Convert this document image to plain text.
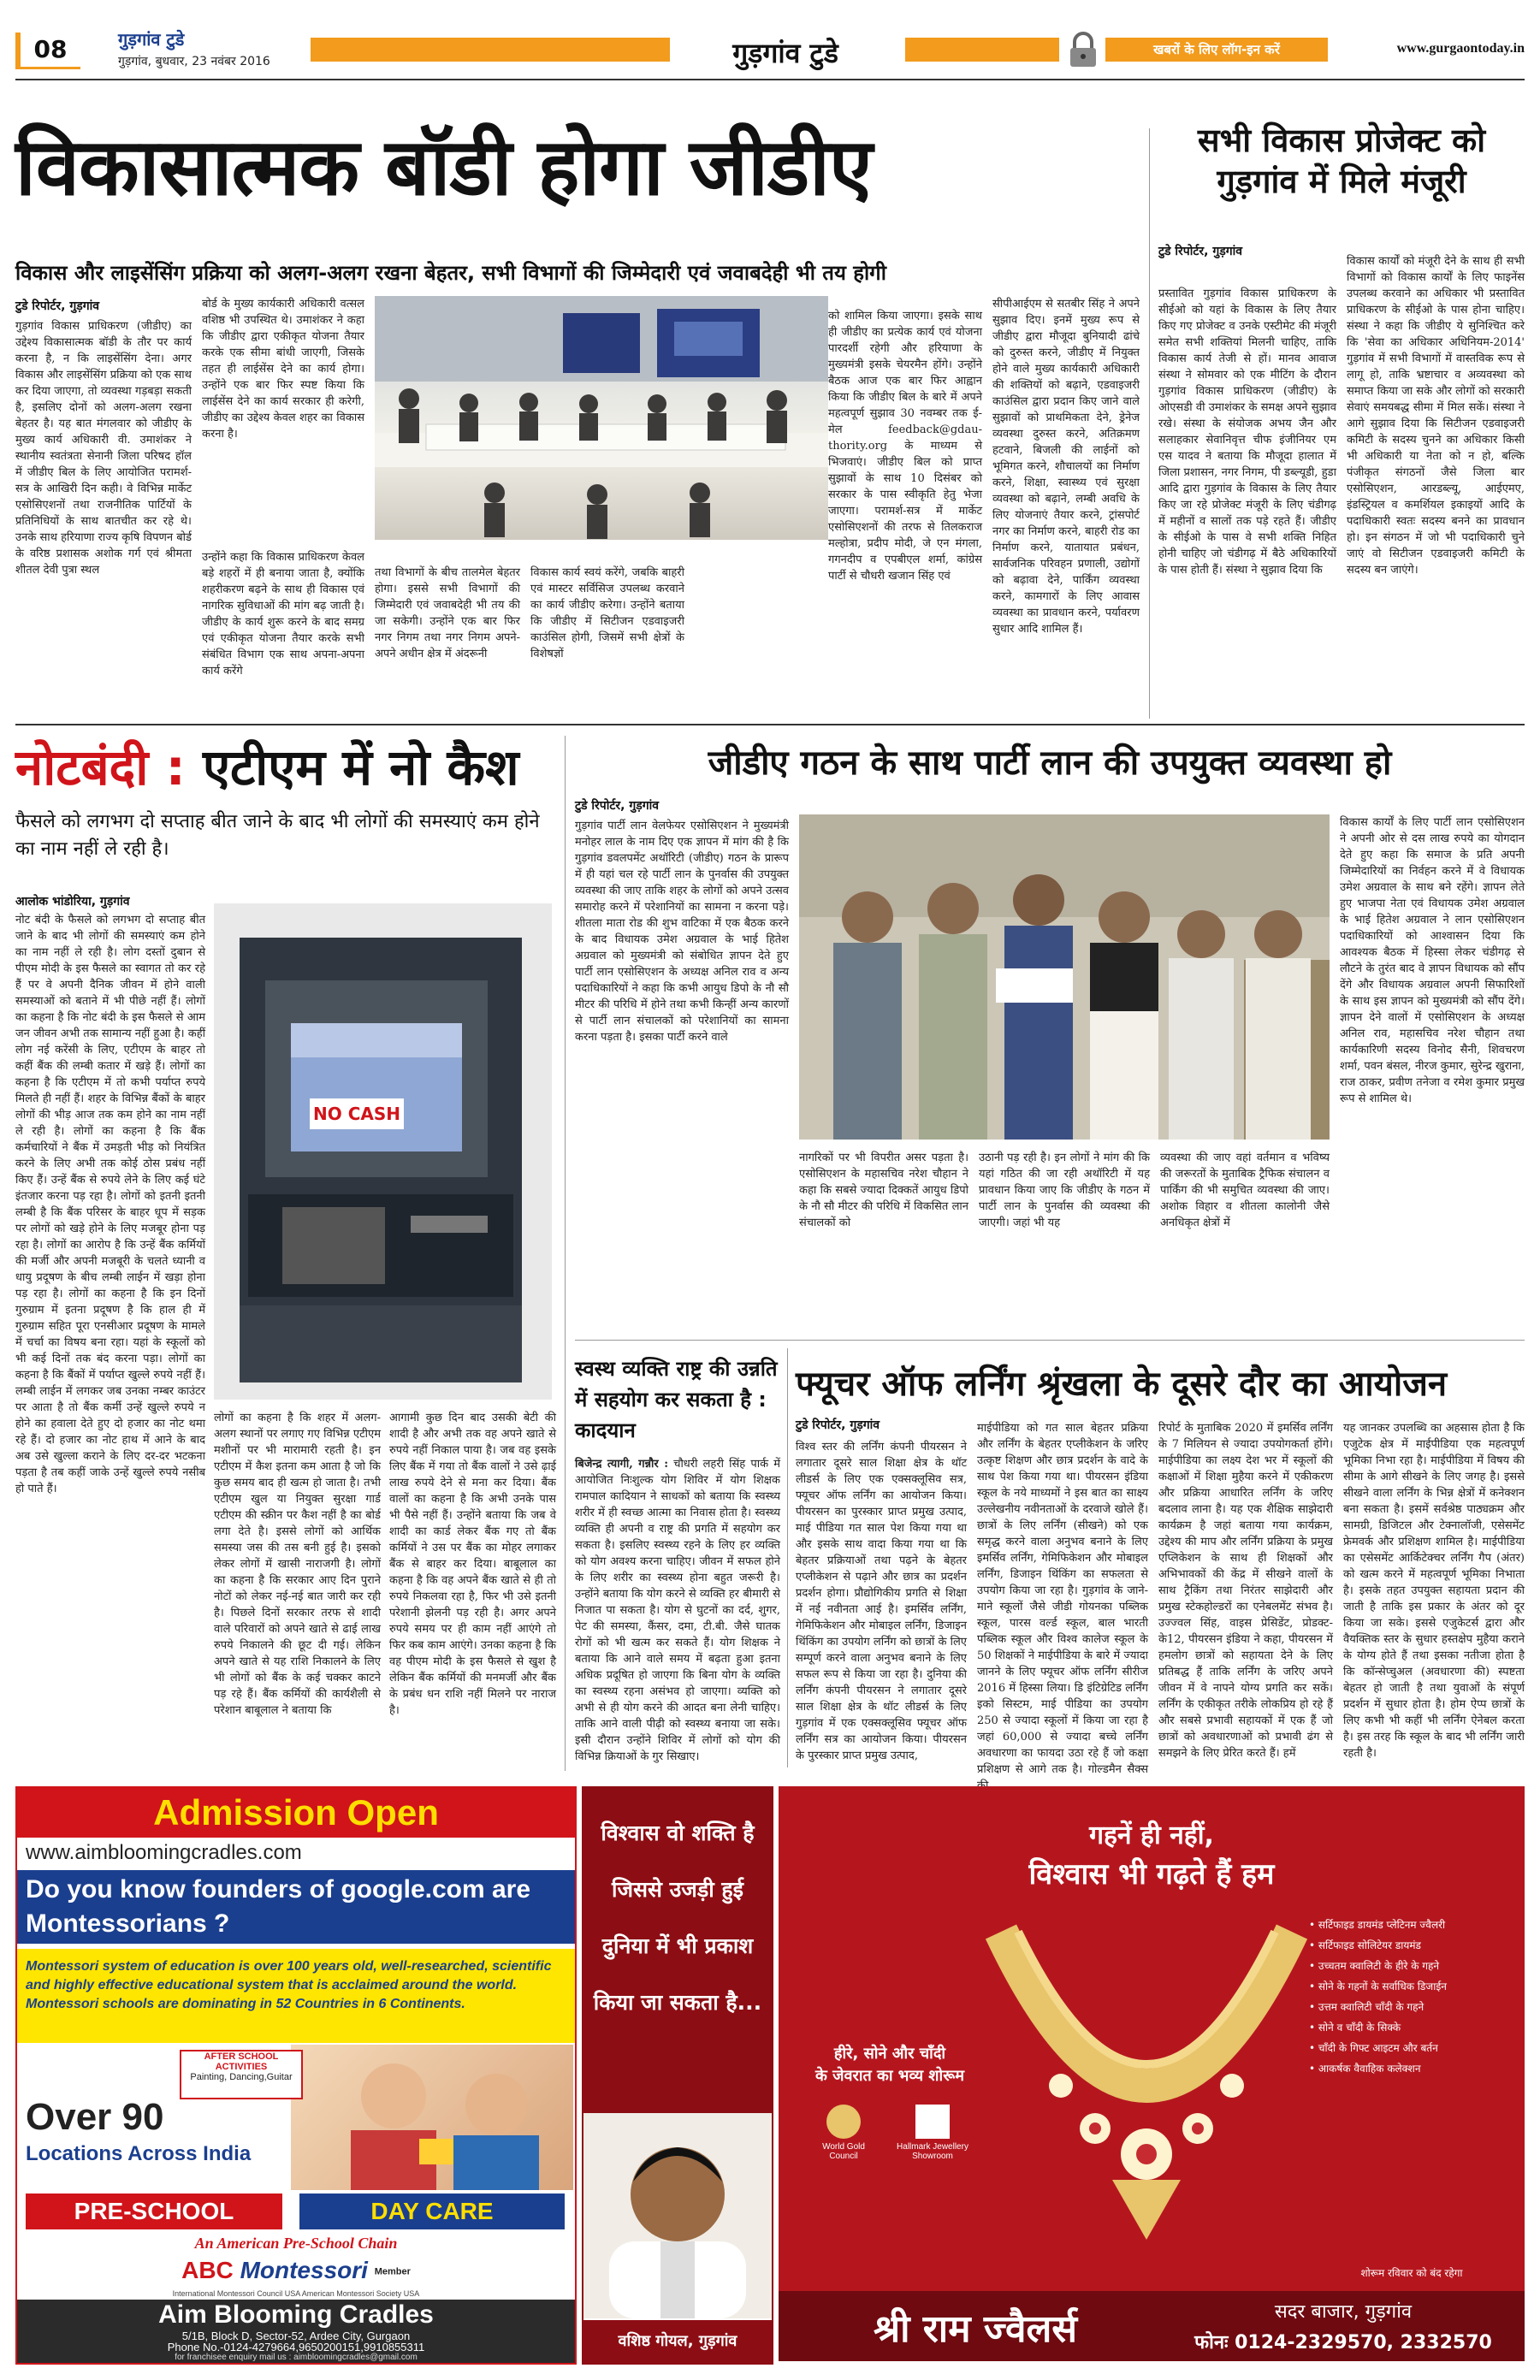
08	गुड़गांव टुडे
गुड़गांव, बुधवार, 23 नवंबर 2016	गुड़गांव टुडे	खबरों के लिए लॉग-इन करें	www.gurgaontoday.in
विकासात्मक बॉडी होगा जीडीए
विकास और लाइसेंसिंग प्रक्रिया को अलग-अलग रखना बेहतर, सभी विभागों की जिम्मेदारी एवं जवाबदेही भी तय होगी
टुडे रिपोर्टर, गुड़गांव
गुड़गांव विकास प्राधिकरण (जीडीए) का उद्देश्य विकासात्मक बॉडी के तौर पर कार्य करना है, न कि लाइसेंसिंग देना। अगर विकास और लाइसेंसिंग प्रक्रिया को एक साथ कर दिया जाएगा, तो व्यवस्था गड़बड़ा सकती है, इसलिए दोनों को अलग-अलग रखना बेहतर है। यह बात मंगलवार को जीडीए के मुख्य कार्य अधिकारी वी. उमाशंकर ने स्थानीय स्वतंत्रता सेनानी जिला परिषद हॉल में जीडीए बिल के लिए आयोजित परामर्श-सत्र के आखिरी दिन कही। वे विभिन्न मार्केट एसोसिएशनों तथा राजनीतिक पार्टियों के प्रतिनिधियों के साथ बातचीत कर रहे थे। उनके साथ हरियाणा राज्य कृषि विपणन बोर्ड के वरिष्ठ प्रशासक अशोक गर्ग एवं श्रीमता शीतल देवी पुत्रा स्थल
बोर्ड के मुख्य कार्यकारी अधिकारी वत्सल वशिष्ठ भी उपस्थित थे। उमाशंकर ने कहा कि जीडीए द्वारा एकीकृत योजना तैयार करके एक सीमा बांधी जाएगी, जिसके तहत ही लाईसेंस देने का कार्य होगा। उन्होंने एक बार फिर स्पष्ट किया कि लाईसेंस देने का कार्य सरकार ही करेगी, जीडीए का उद्देश्य केवल शहर का विकास करना है।
उन्होंने कहा कि विकास प्राधिकरण केवल बड़े शहरों में ही बनाया जाता है, क्योंकि शहरीकरण बढ़ने के साथ ही विकास एवं नागरिक सुविधाओं की मांग बढ़ जाती है। जीडीए के कार्य शुरू करने के बाद समग्र एवं एकीकृत योजना तैयार करके सभी संबंधित विभाग एक साथ अपना-अपना कार्य करेंगे
तथा विभागों के बीच तालमेल बेहतर होगा। इससे सभी विभागों की जिम्मेदारी एवं जवाबदेही भी तय की जा सकेगी। उन्होंने एक बार फिर नगर निगम तथा नगर निगम अपने-अपने अधीन क्षेत्र में अंदरूनी
विकास कार्य स्वयं करेंगे, जबकि बाहरी एवं मास्टर सर्विसिज उपलब्ध करवाने का कार्य जीडीए करेगा। उन्होंने बताया कि जीडीए में सिटीजन एडवाइजरी काउंसिल होगी, जिसमें सभी क्षेत्रों के विशेषज्ञों
को शामिल किया जाएगा। इसके साथ ही जीडीए का प्रत्येक कार्य एवं योजना पारदर्शी रहेगी और हरियाणा के मुख्यमंत्री इसके चेयरमैन होंगे। उन्होंने बैठक आज एक बार फिर आह्वान किया कि जीडीए बिल के बारे में अपने महत्वपूर्ण सुझाव 30 नवम्बर तक ई-मेल feedback@gdau-thority.org के माध्यम से भिजवाएं। जीडीए बिल को प्राप्त सुझावों के साथ 10 दिसंबर को सरकार के पास स्वीकृति हेतु भेजा जाएगा। परामर्श-सत्र में मार्केट एसोसिएशनों की तरफ से तिलकराज मल्होत्रा, प्रदीप मोदी, जे एन मंगला, गगनदीप व एपबीएल शर्मा, कांग्रेस पार्टी से चौधरी खजान सिंह एवं
सीपीआईएम से सतबीर सिंह ने अपने सुझाव दिए। इनमें मुख्य रूप से जीडीए द्वारा मौजूदा बुनियादी ढांचे को दुरुस्त करने, जीडीए में नियुक्त होने वाले मुख्य कार्यकारी अधिकारी की शक्तियों को बढ़ाने, एडवाइजरी काउंसिल द्वारा प्रदान किए जाने वाले सुझावों को प्राथमिकता देने, ड्रेनेज व्यवस्था दुरुस्त करने, अतिक्रमण हटवाने, बिजली की लाईनों को भूमिगत करने, शौचालयों का निर्माण करने, शिक्षा, स्वास्थ्य एवं सुरक्षा व्यवस्था को बढ़ाने, लम्बी अवधि के लिए योजनाएं तैयार करने, ट्रांसपोर्ट नगर का निर्माण करने, बाहरी रोड का निर्माण करने, यातायात प्रबंधन, सार्वजनिक परिवहन प्रणाली, उद्योगों को बढ़ावा देने, पार्किंग व्यवस्था करने, कामगारों के लिए आवास व्यवस्था का प्रावधान करने, पर्यावरण सुधार आदि शामिल हैं।
सभी विकास प्रोजेक्ट को गुड़गांव में मिले मंजूरी
टुडे रिपोर्टर, गुड़गांव
प्रस्तावित गुड़गांव विकास प्राधिकरण के सीईओ को यहां के विकास के लिए तैयार किए गए प्रोजेक्ट व उनके एस्टीमेट की मंजूरी समेत सभी शक्तियां मिलनी चाहिए, ताकि विकास कार्य तेजी से हों। मानव आवाज संस्था ने सोमवार को एक मीटिंग के दौरान गुड़गांव विकास प्राधिकरण (जीडीए) के ओएसडी वी उमाशंकर के समक्ष अपने सुझाव रखे। संस्था के संयोजक अभय जैन और सलाहकार सेवानिवृत्त चीफ इंजीनियर एम एस यादव ने बताया कि मौजूदा हालात में जिला प्रशासन, नगर निगम, पी डब्ल्यूडी, हुडा आदि द्वारा गुड़गांव के विकास के लिए तैयार किए जा रहे प्रोजेक्ट मंजूरी के लिए चंडीगढ़ में महीनों व सालों तक पड़े रहते हैं। जीडीए के सीईओ के पास वे सभी शक्ति निहित होनी चाहिए जो चंडीगढ़ में बैठे अधिकारियों के पास होती हैं। संस्था ने सुझाव दिया कि
विकास कार्यों को मंजूरी देने के साथ ही सभी विभागों को विकास कार्यों के लिए फाइनेंस उपलब्ध करवाने का अधिकार भी प्रस्तावित प्राधिकरण के सीईओ के पास होना चाहिए। संस्था ने कहा कि जीडीए ये सुनिश्चित करे कि 'सेवा का अधिकार अधिनियम-2014' गुड़गांव में सभी विभागों में वास्तविक रूप से लागू हो, ताकि भ्रष्टाचार व अव्यवस्था को समाप्त किया जा सके और लोगों को सरकारी सेवाएं समयबद्ध सीमा में मिल सकें। संस्था ने आगे सुझाव दिया कि सिटीजन एडवाइजरी कमिटी के सदस्य चुनने का अधिकार किसी भी अधिकारी या नेता को न हो, बल्कि पंजीकृत संगठनों जैसे जिला बार एसोसिएशन, आरडब्ल्यू, आईएमए, इंडस्ट्रियल व कमर्शियल इकाइयों आदि के पदाधिकारी स्वतः सदस्य बनने का प्रावधान हो। इन संगठन में जो भी पदाधिकारी चुने जाएं वो सिटीजन एडवाइजरी कमिटी के सदस्य बन जाएंगे।
नोटबंदी : एटीएम में नो कैश
फैसले को लगभग दो सप्ताह बीत जाने के बाद भी लोगों की समस्याएं कम होने का नाम नहीं ले रही है।
आलोक भांडोरिया, गुड़गांव
NO CASH
नोट बंदी के फैसले को लगभग दो सप्ताह बीत जाने के बाद भी लोगों की समस्याएं कम होने का नाम नहीं ले रही है। लोग दस्तों दुबान से पीएम मोदी के इस फैसले का स्वागत तो कर रहे हैं पर वे अपनी दैनिक जीवन में होने वाली समस्याओं को बताने में भी पीछे नहीं हैं। लोगों का कहना है कि नोट बंदी के इस फैसले से आम जन जीवन अभी तक सामान्य नहीं हुआ है। कहीं लोग नई करेंसी के लिए, एटीएम के बाहर तो कहीं बैंक की लम्बी कतार में खड़े हैं। लोगों का कहना है कि एटीएम में तो कभी पर्याप्त रुपये मिलते ही नहीं हैं। शहर के विभिन्न बैंकों के बाहर लोगों की भीड़ आज तक कम होने का नाम नहीं ले रही है। लोगों का कहना है कि बैंक कर्मचारियों ने बैंक में उमड़ती भीड़ को नियंत्रित करने के लिए अभी तक कोई ठोस प्रबंध नहीं किए हैं। उन्हें बैंक से रुपये लेने के लिए कई घंटे इंतजार करना पड़ रहा है। लोगों को इतनी इतनी लम्बी है कि बैंक परिसर के बाहर धूप में सड़क पर लोगों को खड़े होने के लिए मजबूर होना पड़ रहा है। लोगों का आरोप है कि उन्हें बैंक कर्मियों की मर्जी और अपनी मजबूरी के चलते ध्यानी व धायु प्रदूषण के बीच लम्बी लाईन में खड़ा होना पड़ रहा है। लोगों का कहना है कि इन दिनों गुरुग्राम में इतना प्रदूषण है कि हाल ही में गुरुग्राम सहित पूरा एनसीआर प्रदूषण के मामले में चर्चा का विषय बना रहा। यहां के स्कूलों को भी कई दिनों तक बंद करना पड़ा। लोगों का कहना है कि बैंकों में पर्याप्त खुल्ले रुपये नहीं हैं। लम्बी लाईन में लगकर जब उनका नम्बर काउंटर पर आता है तो बैंक कर्मी उन्हें खुल्ले रुपये न होने का हवाला देते हुए दो हजार का नोट थमा रहे हैं। दो हजार का नोट हाथ में आने के बाद अब उसे खुल्ला कराने के लिए दर-दर भटकना पड़ता है तब कहीं जाके उन्हें खुल्ले रुपये नसीब हो पाते हैं।
लोगों का कहना है कि शहर में अलग-अलग स्थानों पर लगाए गए विभिन्न एटीएम मशीनों पर भी मारामारी रहती है। इन एटीएम में कैश इतना कम आता है जो कि कुछ समय बाद ही खत्म हो जाता है। तभी एटीएम खुल या नियुक्त सुरक्षा गार्ड एटीएम की स्क्रीन पर कैश नहीं है का बोर्ड लगा देते है। इससे लोगों को आर्थिक समस्या जस की तस बनी हुई है। इसको लेकर लोगों में खासी नाराजगी है। लोगों का कहना है कि सरकार आए दिन पुराने नोटों को लेकर नई-नई बात जारी कर रही है। पिछले दिनों सरकार तरफ से शादी वाले परिवारों को अपने खाते से ढाई लाख रुपये निकालने की छूट दी गई। लेकिन अपने खाते से यह राशि निकालने के लिए भी लोगों को बैंक के कई चक्कर काटने पड़ रहे हैं। बैंक कर्मियों की कार्यशैली से परेशान बाबूलाल ने बताया कि
आगामी कुछ दिन बाद उसकी बेटी की शादी है और अभी तक वह अपने खाते से रुपये नहीं निकाल पाया है। जब वह इसके लिए बैंक में गया तो बैंक वालों ने उसे ढ़ाई लाख रुपये देने से मना कर दिया। बैंक वालों का कहना है कि अभी उनके पास भी पैसे नहीं हैं। उन्होंने बताया कि जब वे शादी का कार्ड लेकर बैंक गए तो बैंक कर्मियों ने उस पर बैंक का मोहर लगाकर बैंक से बाहर कर दिया। बाबूलाल का कहना है कि वह अपने बैंक खाते से ही तो रुपये निकलवा रहा है, फिर भी उसे इतनी परेशानी झेलनी पड़ रही है। अगर अपने रुपये समय पर ही काम नहीं आएंगे तो फिर कब काम आएंगे। उनका कहना है कि वह पीएम मोदी के इस फैसले से खुश है लेकिन बैंक कर्मियों की मनमर्जी और बैंक के प्रबंध धन राशि नहीं मिलने पर नाराज है।
जीडीए गठन के साथ पार्टी लान की उपयुक्त व्यवस्था हो
टुडे रिपोर्टर, गुड़गांव
गुड़गांव पार्टी लान वेलफेयर एसोसिएशन ने मुख्यमंत्री मनोहर लाल के नाम दिए एक ज्ञापन में मांग की है कि गुड़गांव डवलपमेंट अथॉरिटी (जीडीए) गठन के प्रारूप में ही यहां चल रहे पार्टी लान के पुनर्वास की उपयुक्त व्यवस्था की जाए ताकि शहर के लोगों को अपने उत्सव समारोह करने में परेशानियों का सामना न करना पड़े। शीतला माता रोड की शुभ वाटिका में एक बैठक करने के बाद विधायक उमेश अग्रवाल के भाई हितेश अग्रवाल को मुख्यमंत्री को संबोधित ज्ञापन देते हुए पार्टी लान एसोसिएशन के अध्यक्ष अनिल राव व अन्य पदाधिकारियों ने कहा कि कभी आयुध डिपो के नौ सौ मीटर की परिधि में होने तथा कभी किन्हीं अन्य कारणों से पार्टी लान संचालकों को परेशानियों का सामना करना पड़ता है। इसका पार्टी करने वाले
नागरिकों पर भी विपरीत असर पड़ता है। एसोसिएशन के महासचिव नरेश चौहान ने कहा कि सबसे ज्यादा दिक्कतें आयुध डिपो के नौ सौ मीटर की परिधि में विकसित लान संचालकों को
उठानी पड़ रही है। इन लोगों ने मांग की कि यहां गठित की जा रही अथॉरिटी में यह प्रावधान किया जाए कि जीडीए के गठन में पार्टी लान के पुनर्वास की व्यवस्था की जाएगी। जहां भी यह
व्यवस्था की जाए वहां वर्तमान व भविष्य की जरूरतों के मुताबिक ट्रैफिक संचालन व पार्किंग की भी समुचित व्यवस्था की जाए। अशोक विहार व शीतला कालोनी जैसे अनधिकृत क्षेत्रों में
विकास कार्यों के लिए पार्टी लान एसोसिएशन ने अपनी ओर से दस लाख रुपये का योगदान देते हुए कहा कि समाज के प्रति अपनी जिम्मेदारियों का निर्वहन करने में वे विधायक उमेश अग्रवाल के साथ बने रहेंगे। ज्ञापन लेते हुए भाजपा नेता एवं विधायक उमेश अग्रवाल के भाई हितेश अग्रवाल ने लान एसोसिएशन पदाधिकारियों को आश्वासन दिया कि आवश्यक बैठक में हिस्सा लेकर चंडीगढ़ से लौटने के तुरंत बाद वे ज्ञापन विधायक को सौंप देंगे और विधायक अग्रवाल अपनी सिफारिशों के साथ इस ज्ञापन को मुख्यमंत्री को सौंप देंगे। ज्ञापन देने वालों में एसोसिएशन के अध्यक्ष अनिल राव, महासचिव नरेश चौहान तथा कार्यकारिणी सदस्य विनोद सैनी, शिवचरण शर्मा, पवन बंसल, नीरज कुमार, सुरेन्द्र खुराना, राज ठाकर, प्रवीण तनेजा व रमेश कुमार प्रमुख रूप से शामिल थे।
स्वस्थ व्यक्ति राष्ट्र की उन्नति में सहयोग कर सकता है : कादयान
बिजेन्द्र त्यागी, गन्नौर : चौधरी लहरी सिंह पार्क में आयोजित निःशुल्क योग शिविर में योग शिक्षक रामपाल कादियान ने साधकों को बताया कि स्वस्थ्य शरीर में ही स्वच्छ आत्मा का निवास होता है। स्वस्थ्य व्यक्ति ही अपनी व राष्ट्र की प्रगति में सहयोग कर सकता है। इसलिए स्वस्थ्य रहने के लिए हर व्यक्ति को योग अवश्य करना चाहिए। जीवन में सफल होने के लिए शरीर का स्वस्थ्य होना बहुत जरूरी है। उन्होंने बताया कि योग करने से व्यक्ति हर बीमारी से निजात पा सकता है। योग से घुटनों का दर्द, शुगर, पेट की समस्या, कैंसर, दमा, टी.बी. जैसे घातक रोगों को भी खत्म कर सकते हैं। योग शिक्षक ने बताया कि आने वाले समय में बढ़ता हुआ इतना अधिक प्रदूषित हो जाएगा कि बिना योग के व्यक्ति का स्वस्थ्य रहना असंभव हो जाएगा। व्यक्ति को अभी से ही योग करने की आदत बना लेनी चाहिए। ताकि आने वाली पीढ़ी को स्वस्थ्य बनाया जा सके। इसी दौरान उन्होंने शिविर में लोगों को योग की विभिन्न क्रियाओं के गुर सिखाए।
फ्यूचर ऑफ लर्निंग श्रृंखला के दूसरे दौर का आयोजन
टुडे रिपोर्टर, गुड़गांव
विश्व स्तर की लर्निंग कंपनी पीयरसन ने लगातार दूसरे साल शिक्षा क्षेत्र के थॉट लीडर्स के लिए एक एक्सक्लूसिव सत्र, फ्यूचर ऑफ लर्निंग का आयोजन किया। पीयरसन का पुरस्कार प्राप्त प्रमुख उत्पाद, माई पीडिया गत साल पेश किया गया था और इसके साथ वादा किया गया था कि बेहतर प्रक्रियाओं तथा पढ़ने के बेहतर एप्लीकेशन से पढ़ाने और छात्र का प्रदर्शन प्रदर्शन होगा। प्रौद्योगिकीय प्रगति से शिक्षा में नई नवीनता आई है। इमर्सिव लर्निंग, गेमिफिकेशन और मोबाइल लर्निंग, डिजाइन थिंकिंग का उपयोग लर्निंग को छात्रों के लिए सम्पूर्ण करने वाला अनुभव बनाने के लिए सफल रूप से किया जा रहा है। दुनिया की लर्निंग कंपनी पीयरसन ने लगातार दूसरे साल शिक्षा क्षेत्र के थॉट लीडर्स के लिए गुड़गांव में एक एक्सक्लूसिव फ्यूचर ऑफ लर्निंग सत्र का आयोजन किया। पीयरसन के पुरस्कार प्राप्त प्रमुख उत्पाद,
माईपीडिया को गत साल बेहतर प्रक्रिया और लर्निंग के बेहतर एप्लीकेशन के जरिए उत्कृष्ट शिक्षण और छात्र प्रदर्शन के वादे के साथ पेश किया गया था। पीयरसन इंडिया स्कूल के नये माध्यमों ने इस बात का साक्ष्य उल्लेखनीय नवीनताओं के दरवाजे खोले हैं। छात्रों के लिए लर्निंग (सीखने) को एक समृद्ध करने वाला अनुभव बनाने के लिए इमर्सिव लर्निंग, गेमिफिकेशन और मोबाइल लर्निंग, डिजाइन थिंकिंग का सफलता से उपयोग किया जा रहा है। गुड़गांव के जाने-माने स्कूलों जैसे जीडी गोयनका पब्लिक स्कूल, पारस वर्ल्ड स्कूल, बाल भारती पब्लिक स्कूल और विश्व कालेज स्कूल के 50 शिक्षकों ने माईपीडिया के बारे में ज्यादा जानने के लिए फ्यूचर ऑफ लर्निंग सीरीज 2016 में हिस्सा लिया। डि इंटिग्रेटिड लर्निंग इको सिस्टम, माई पीडिया का उपयोग 250 से ज्यादा स्कूलों में किया जा रहा है जहां 60,000 से ज्यादा बच्चे लर्निंग अवधारणा का फायदा उठा रहे हैं जो कक्षा प्रशिक्षण से आगे तक है। गोल्डमैन सैक्स
रिपोर्ट के मुताबिक 2020 में इमर्सिव लर्निंग के 7 मिलियन से ज्यादा उपयोगकर्ता होंगे। माईपीडिया का लक्ष्य देश भर में स्कूलों की कक्षाओं में शिक्षा मुहैया करने में एकीकरण और प्रक्रिया आधारित लर्निंग के जरिए बदलाव लाना है। यह एक शैक्षिक साझेदारी कार्यक्रम है जहां बताया गया कार्यक्रम, उद्देश्य की माप और लर्निंग प्रक्रिया के प्रमुख एप्लिकेशन के साथ ही शिक्षकों और अभिभावकों की केंद्र में सीखने वालों के साथ ट्रैकिंग तथा निरंतर साझेदारी और प्रमुख स्टेकहोल्डरों का एनेबलमेंट संभव है। उज्ज्वल सिंह, वाइस प्रेसिडेंट, प्रोडक्ट-के12, पीयरसन इंडिया ने कहा, पीयरसन में हमलोग छात्रों को सहायता देने के लिए प्रतिबद्ध हैं ताकि लर्निंग के जरिए अपने जीवन में वे नापने योग्य प्रगति कर सकें। लर्निंग के एकीकृत तरीके लोकप्रिय हो रहे हैं और सबसे प्रभावी सहायकों में एक हैं जो छात्रों को अवधारणाओं को प्रभावी ढंग से समझने के लिए प्रेरित करते हैं। हमें
यह जानकर उपलब्धि का अहसास होता है कि एजुटेक क्षेत्र में माईपीडिया एक महत्वपूर्ण भूमिका निभा रहा है। माईपीडिया में विषय की सीमा के आगे सीखने के लिए जगह है। इससे सीखने वाला लर्निंग के भिन्न क्षेत्रों में कनेक्शन बना सकता है। इसमें सर्वश्रेष्ठ पाठ्यक्रम और सामग्री, डिजिटल और टेक्नालॉजी, एसेसमेंट फ्रेमवर्क और प्रशिक्षण शामिल है। माईपीडिया का एसेसमेंट आर्किटेक्चर लर्निंग गैप (अंतर) को खत्म करने में महत्वपूर्ण भूमिका निभाता है। इसके तहत उपयुक्त सहायता प्रदान की जाती है ताकि इस प्रकार के अंतर को दूर किया जा सके। इससे एजुकेटर्स द्वारा और वैयक्तिक स्तर के सुधार हस्तक्षेप मुहैया कराने के योग्य होते हैं तथा इसका नतीजा होता है कि कॉन्सेप्चुअल (अवधारणा की) स्पष्टता बेहतर हो जाती है तथा युवाओं के संपूर्ण प्रदर्शन में सुधार होता है। होम ऐप्प छात्रों के लिए कभी भी कहीं भी लर्निंग ऐनेबल करता है। इस तरह कि स्कूल के बाद भी लर्निंग जारी रहती है।
Admission Open
www.aimbloomingcradles.com
Do you know founders of google.com are Montessorians ?
Montessori system of education is over 100 years old, well-researched, scientific and highly effective educational system that is acclaimed around the world. Montessori schools are dominating in 52 Countries in 6 Continents.
AFTER SCHOOL ACTIVITIES
Painting, Dancing,Guitar
Over 90
Locations Across India
PRE-SCHOOL	DAY CARE
An American Pre-School Chain
ABC Montessori Member
International Montessori Council USA American Montessori Society USA
Aim Blooming Cradles
5/1B, Block D, Sector-52, Ardee City, Gurgaon
Phone No.-0124-4279664,9650200151,9910855311
for franchisee enquiry mail us : aimbloomingcradles@gmail.com
विश्वास वो शक्ति है
जिससे उजड़ी हुई
दुनिया में भी प्रकाश
किया जा सकता है...
वशिष्ठ गोयल, गुड़गांव
गहनें ही नहीं,
विश्वास भी गढ़ते हैं हम
हीरे, सोने और चाँदी
के जेवरात का भव्य शोरूम
World Gold Council
Hallmark Jewellery Showroom
• सर्टिफाइड डायमंड प्लेटिनम ज्वैलरी
• सर्टिफाइड सोलिटेयर डायमंड
• उच्चतम क्वालिटी के हीरे के गहने
• सोने के गहनों के सर्वाधिक डिजाईन
• उत्तम क्वालिटी चाँदी के गहने
• सोने व चाँदी के सिक्के
• चाँदी के गिफ्ट आइटम और बर्तन
• आकर्षक वैवाहिक कलेक्शन
शोरूम रविवार को बंद रहेगा
श्री राम ज्वैलर्स	सदर बाजार, गुड़गांव
फोनः 0124-2329570, 2332570
